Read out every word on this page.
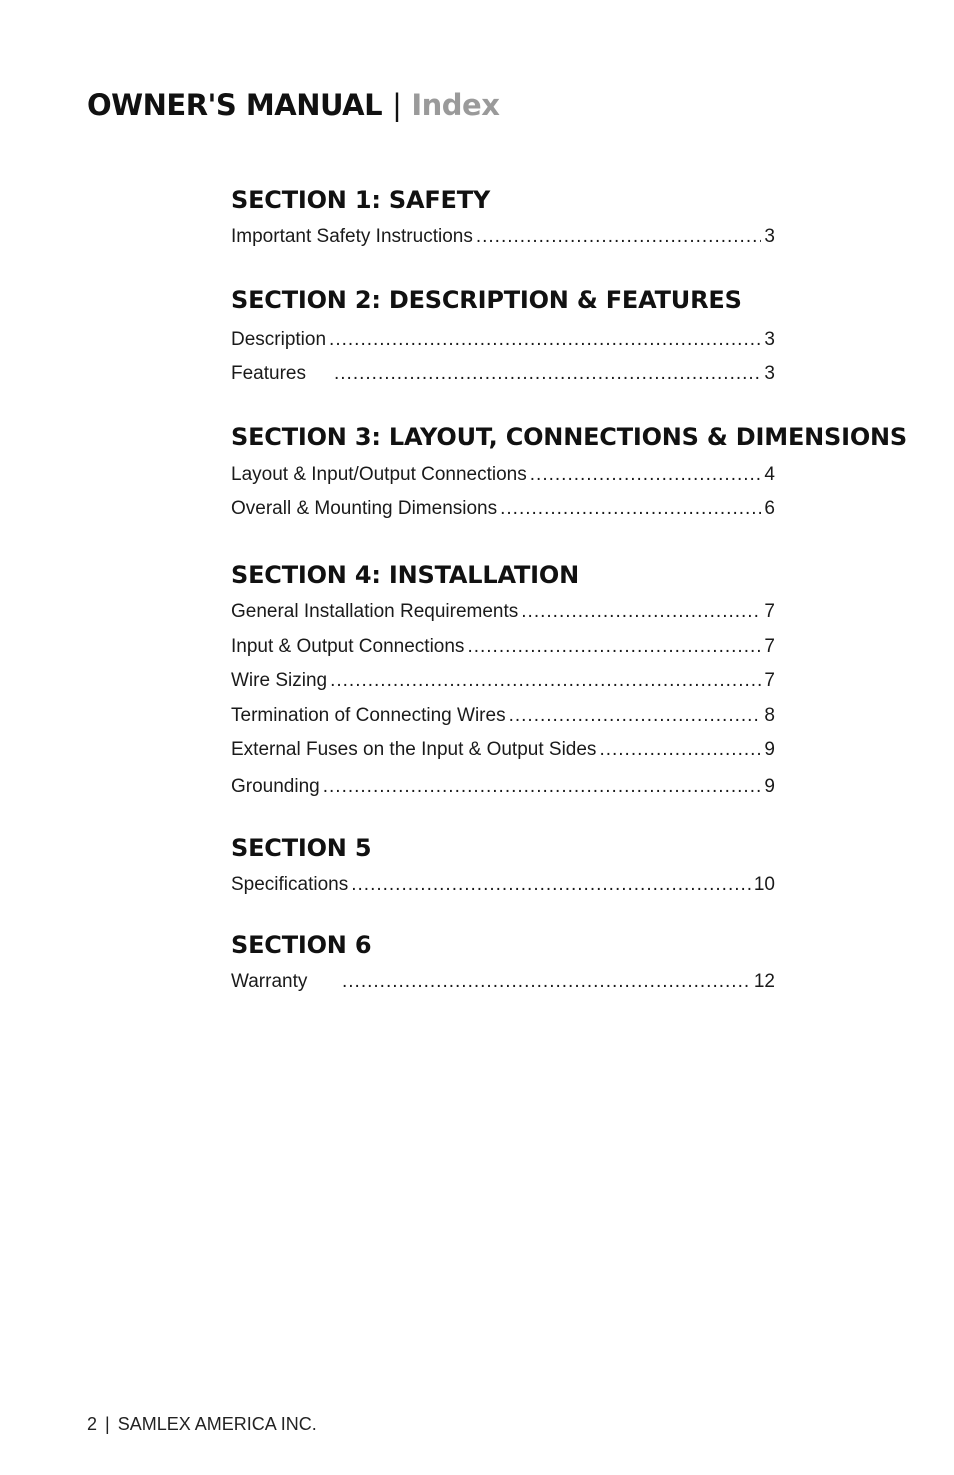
OWNER'S MANUAL | Index
SECTION 1: SAFETY
Important Safety Instructions .....	3
SECTION 2: DESCRIPTION & FEATURES
Description .....	3
Features .....	3
SECTION 3: LAYOUT, CONNECTIONS & DIMENSIONS
Layout & Input/Output Connections .....	4
Overall & Mounting Dimensions .....	6
SECTION 4: INSTALLATION
General Installation Requirements .....	7
Input & Output Connections .....	7
Wire Sizing .....	7
Termination of Connecting Wires .....	8
External Fuses on the Input & Output Sides .....	9
Grounding .....	9
SECTION 5
Specifications .....	10
SECTION 6
Warranty .....	12
2 | SAMLEX AMERICA INC.
